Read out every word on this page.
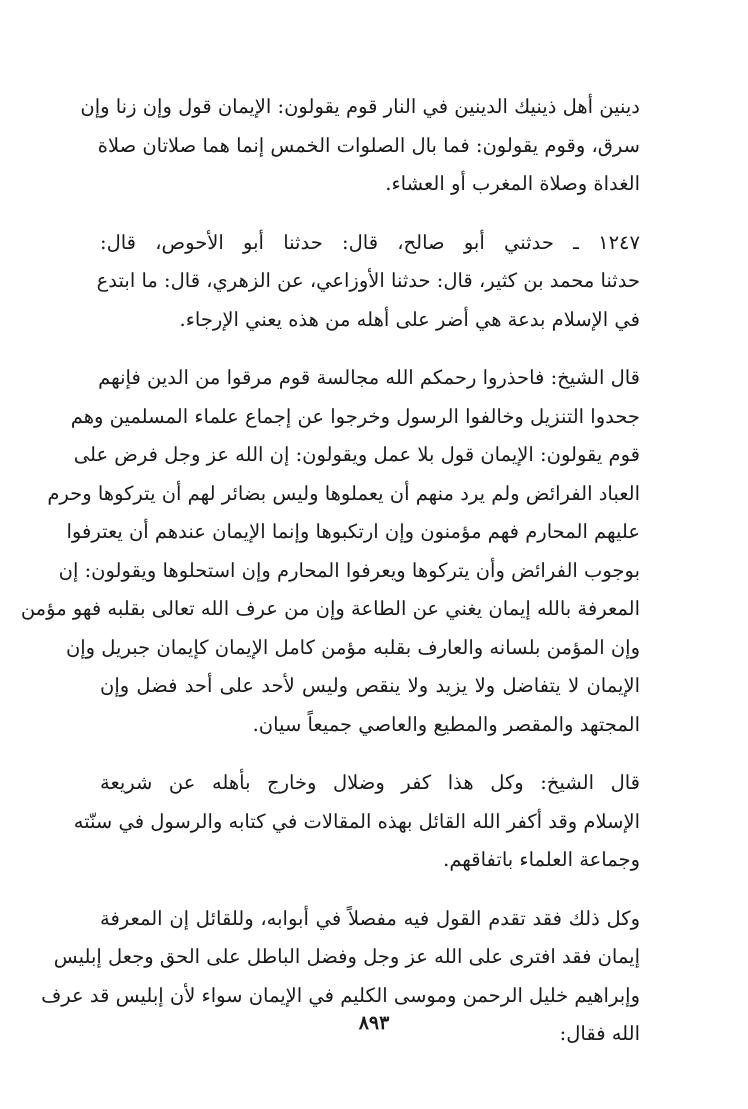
دينين أهل ذينيك الدينين في النار قوم يقولون: الإيمان قول وإن زنا وإن
سرق، وقوم يقولون: فما بال الصلوات الخمس إنما هما صلاتان صلاة
الغداة وصلاة المغرب أو العشاء.
١٢٤٧ ـ حدثني أبو صالح، قال: حدثنا أبو الأحوص، قال:
حدثنا محمد بن كثير، قال: حدثنا الأوزاعي، عن الزهري، قال: ما ابتدع
في الإسلام بدعة هي أضر على أهله من هذه يعني الإرجاء.
قال الشيخ: فاحذروا رحمكم الله مجالسة قوم مرقوا من الدين فإنهم
جحدوا التنزيل وخالفوا الرسول وخرجوا عن إجماع علماء المسلمين وهم
قوم يقولون: الإيمان قول بلا عمل ويقولون: إن الله عز وجل فرض على
العباد الفرائض ولم يرد منهم أن يعملوها وليس بضائر لهم أن يتركوها وحرم
عليهم المحارم فهم مؤمنون وإن ارتكبوها وإنما الإيمان عندهم أن يعترفوا
بوجوب الفرائض وأن يتركوها ويعرفوا المحارم وإن استحلوها ويقولون: إن
المعرفة بالله إيمان يغني عن الطاعة وإن من عرف الله تعالى بقلبه فهو مؤمن
وإن المؤمن بلسانه والعارف بقلبه مؤمن كامل الإيمان كإيمان جبريل وإن
الإيمان لا يتفاضل ولا يزيد ولا ينقص وليس لأحد على أحد فضل وإن
المجتهد والمقصر والمطيع والعاصي جميعاً سيان.
قال الشيخ: وكل هذا كفر وضلال وخارج بأهله عن شريعة
الإسلام وقد أكفر الله القائل بهذه المقالات في كتابه والرسول في سنّته
وجماعة العلماء باتفاقهم.
وكل ذلك فقد تقدم القول فيه مفصلاً في أبوابه، وللقائل إن المعرفة
إيمان فقد افترى على الله عز وجل وفضل الباطل على الحق وجعل إبليس
وإبراهيم خليل الرحمن وموسى الكليم في الإيمان سواء لأن إبليس قد عرف
الله فقال:
٨٩٣
